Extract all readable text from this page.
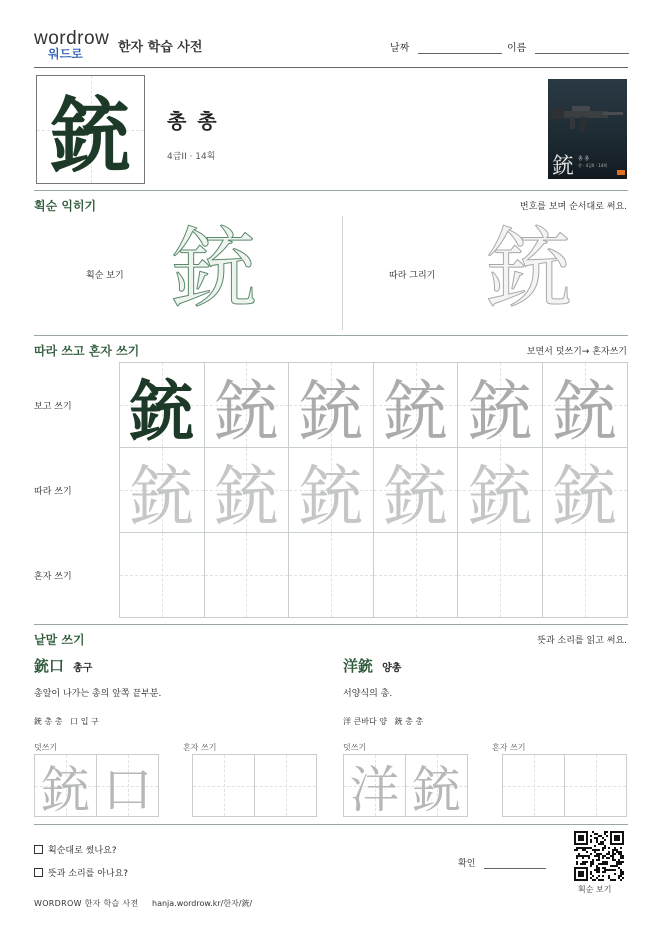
wordrow
워드로	한자 학습 사전	날짜	이름
銃	총 총
4급II · 14획	銃 총 총
총 · 4급II · 14획
획순 익히기	번호를 보며 순서대로 써요.
획순 보기 銃	따라 그리기 銃
따라 쓰고 혼자 쓰기	보면서 덧쓰기→ 혼자쓰기
보고 쓰기
따라 쓰기
혼자 쓰기
銃 銃 銃 銃 銃 銃
銃 銃 銃 銃 銃 銃
낱말 쓰기	뜻과 소리를 읽고 써요.
銃口 총구
총알이 나가는 총의 앞쪽 끝부분.
銃 총 총   口 입 구
덧쓰기	혼자 쓰기
洋銃 양총
서양식의 총.
洋 큰바다 양   銃 총 총
덧쓰기	혼자 쓰기
銃 口	洋 銃
획순대로 썼나요?
뜻과 소리를 아나요?
확인
획순 보기
WORDROW 한자 학습 사전 hanja.wordrow.kr/한자/銃/
